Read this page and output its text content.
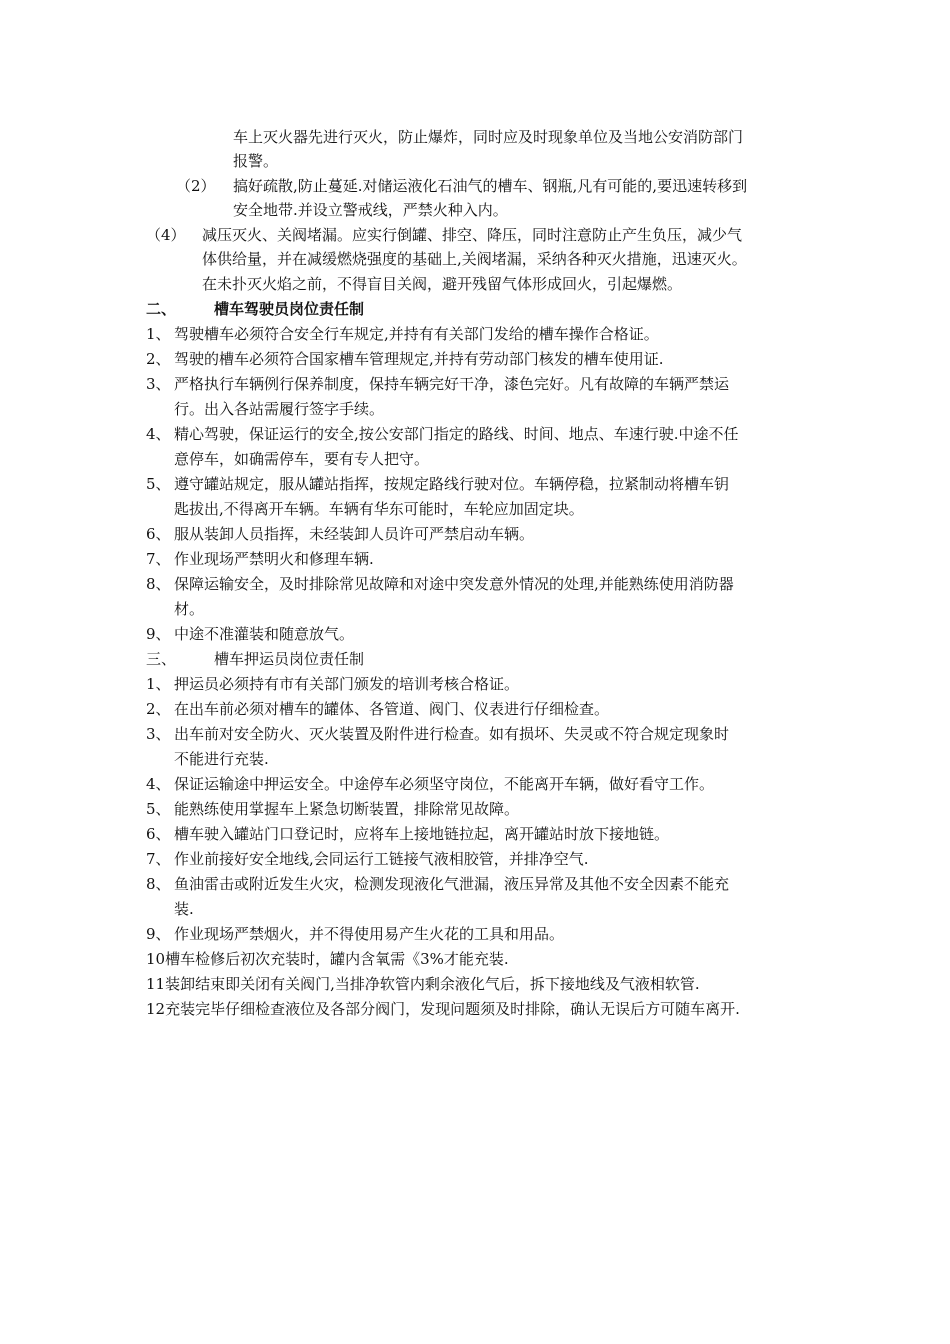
车上灭火器先进行灭火，防止爆炸，同时应及时现象单位及当地公安消防部门
报警。
（2） 搞好疏散,防止蔓延.对储运液化石油气的槽车、钢瓶,凡有可能的,要迅速转移到
安全地带.并设立警戒线，严禁火种入内。
（4） 减压灭火、关阀堵漏。应实行倒罐、排空、降压，同时注意防止产生负压，减少气
体供给量，并在减缓燃烧强度的基础上,关阀堵漏，采纳各种灭火措施，迅速灭火。
在未扑灭火焰之前，不得盲目关阀，避开残留气体形成回火，引起爆燃。
二、	槽车驾驶员岗位责任制
1、 驾驶槽车必须符合安全行车规定,并持有有关部门发给的槽车操作合格证。
2、 驾驶的槽车必须符合国家槽车管理规定,并持有劳动部门核发的槽车使用证.
3、 严格执行车辆例行保养制度，保持车辆完好干净，漆色完好。凡有故障的车辆严禁运
行。出入各站需履行签字手续。
4、 精心驾驶，保证运行的安全,按公安部门指定的路线、时间、地点、车速行驶.中途不任
意停车，如确需停车，要有专人把守。
5、 遵守罐站规定，服从罐站指挥，按规定路线行驶对位。车辆停稳，拉紧制动将槽车钥
匙拔出,不得离开车辆。车辆有华东可能时，车轮应加固定块。
6、 服从装卸人员指挥，未经装卸人员许可严禁启动车辆。
7、 作业现场严禁明火和修理车辆.
8、 保障运输安全，及时排除常见故障和对途中突发意外情况的处理,并能熟练使用消防器
材。
9、 中途不准灌装和随意放气。
三、	槽车押运员岗位责任制
1、 押运员必须持有市有关部门颁发的培训考核合格证。
2、 在出车前必须对槽车的罐体、各管道、阀门、仪表进行仔细检查。
3、 出车前对安全防火、灭火装置及附件进行检查。如有损坏、失灵或不符合规定现象时
不能进行充装.
4、 保证运输途中押运安全。中途停车必须坚守岗位，不能离开车辆，做好看守工作。
5、 能熟练使用掌握车上紧急切断装置，排除常见故障。
6、 槽车驶入罐站门口登记时，应将车上接地链拉起，离开罐站时放下接地链。
7、 作业前接好安全地线,会同运行工链接气液相胶管，并排净空气.
8、 鱼油雷击或附近发生火灾，检测发现液化气泄漏，液压异常及其他不安全因素不能充
装.
9、 作业现场严禁烟火，并不得使用易产生火花的工具和用品。
10槽车检修后初次充装时，罐内含氧需《3%才能充装.
11装卸结束即关闭有关阀门,当排净软管内剩余液化气后，拆下接地线及气液相软管.
12充装完毕仔细检查液位及各部分阀门，发现问题须及时排除，确认无误后方可随车离开.
